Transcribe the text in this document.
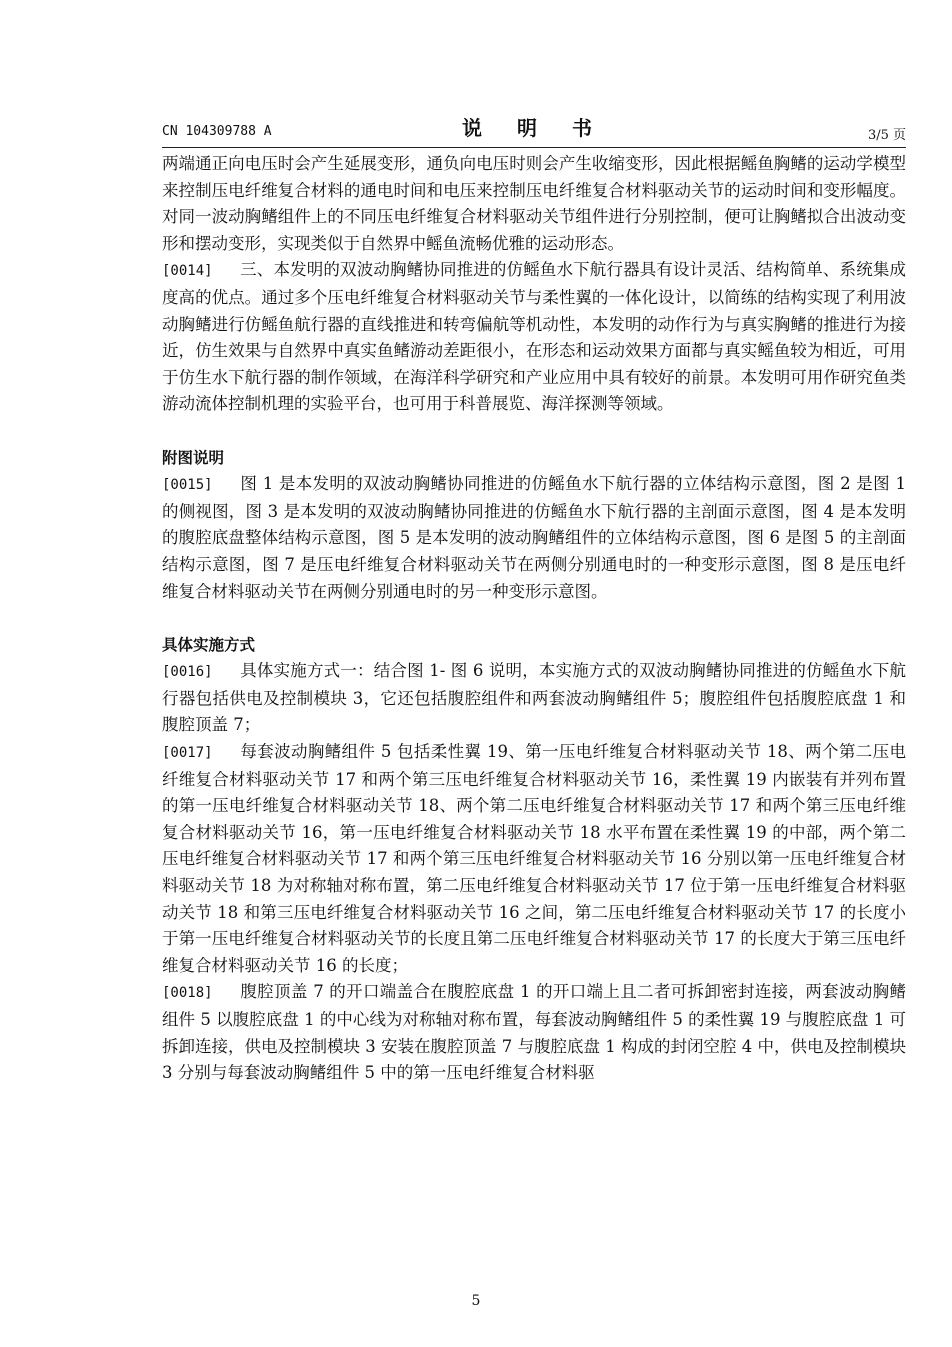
CN 104309788 A	说 明 书	3/5 页

两端通正向电压时会产生延展变形，通负向电压时则会产生收缩变形，因此根据鳐鱼胸鳍的运动学模型来控制压电纤维复合材料的通电时间和电压来控制压电纤维复合材料驱动关节的运动时间和变形幅度。对同一波动胸鳍组件上的不同压电纤维复合材料驱动关节组件进行分别控制，便可让胸鳍拟合出波动变形和摆动变形，实现类似于自然界中鳐鱼流畅优雅的运动形态。

[0014] 三、本发明的双波动胸鳍协同推进的仿鳐鱼水下航行器具有设计灵活、结构简单、系统集成度高的优点。通过多个压电纤维复合材料驱动关节与柔性翼的一体化设计，以简练的结构实现了利用波动胸鳍进行仿鳐鱼航行器的直线推进和转弯偏航等机动性，本发明的动作行为与真实胸鳍的推进行为接近，仿生效果与自然界中真实鱼鳍游动差距很小，在形态和运动效果方面都与真实鳐鱼较为相近，可用于仿生水下航行器的制作领域，在海洋科学研究和产业应用中具有较好的前景。本发明可用作研究鱼类游动流体控制机理的实验平台，也可用于科普展览、海洋探测等领域。

附图说明

[0015] 图 1 是本发明的双波动胸鳍协同推进的仿鳐鱼水下航行器的立体结构示意图，图 2 是图 1 的侧视图，图 3 是本发明的双波动胸鳍协同推进的仿鳐鱼水下航行器的主剖面示意图，图 4 是本发明的腹腔底盘整体结构示意图，图 5 是本发明的波动胸鳍组件的立体结构示意图，图 6 是图 5 的主剖面结构示意图，图 7 是压电纤维复合材料驱动关节在两侧分别通电时的一种变形示意图，图 8 是压电纤维复合材料驱动关节在两侧分别通电时的另一种变形示意图。

具体实施方式

[0016] 具体实施方式一：结合图 1- 图 6 说明，本实施方式的双波动胸鳍协同推进的仿鳐鱼水下航行器包括供电及控制模块 3，它还包括腹腔组件和两套波动胸鳍组件 5；腹腔组件包括腹腔底盘 1 和腹腔顶盖 7；

[0017] 每套波动胸鳍组件 5 包括柔性翼 19、第一压电纤维复合材料驱动关节 18、两个第二压电纤维复合材料驱动关节 17 和两个第三压电纤维复合材料驱动关节 16，柔性翼 19 内嵌装有并列布置的第一压电纤维复合材料驱动关节 18、两个第二压电纤维复合材料驱动关节 17 和两个第三压电纤维复合材料驱动关节 16，第一压电纤维复合材料驱动关节 18 水平布置在柔性翼 19 的中部，两个第二压电纤维复合材料驱动关节 17 和两个第三压电纤维复合材料驱动关节 16 分别以第一压电纤维复合材料驱动关节 18 为对称轴对称布置，第二压电纤维复合材料驱动关节 17 位于第一压电纤维复合材料驱动关节 18 和第三压电纤维复合材料驱动关节 16 之间，第二压电纤维复合材料驱动关节 17 的长度小于第一压电纤维复合材料驱动关节的长度且第二压电纤维复合材料驱动关节 17 的长度大于第三压电纤维复合材料驱动关节 16 的长度；

[0018] 腹腔顶盖 7 的开口端盖合在腹腔底盘 1 的开口端上且二者可拆卸密封连接，两套波动胸鳍组件 5 以腹腔底盘 1 的中心线为对称轴对称布置，每套波动胸鳍组件 5 的柔性翼 19 与腹腔底盘 1 可拆卸连接，供电及控制模块 3 安装在腹腔顶盖 7 与腹腔底盘 1 构成的封闭空腔 4 中，供电及控制模块 3 分别与每套波动胸鳍组件 5 中的第一压电纤维复合材料驱

5
